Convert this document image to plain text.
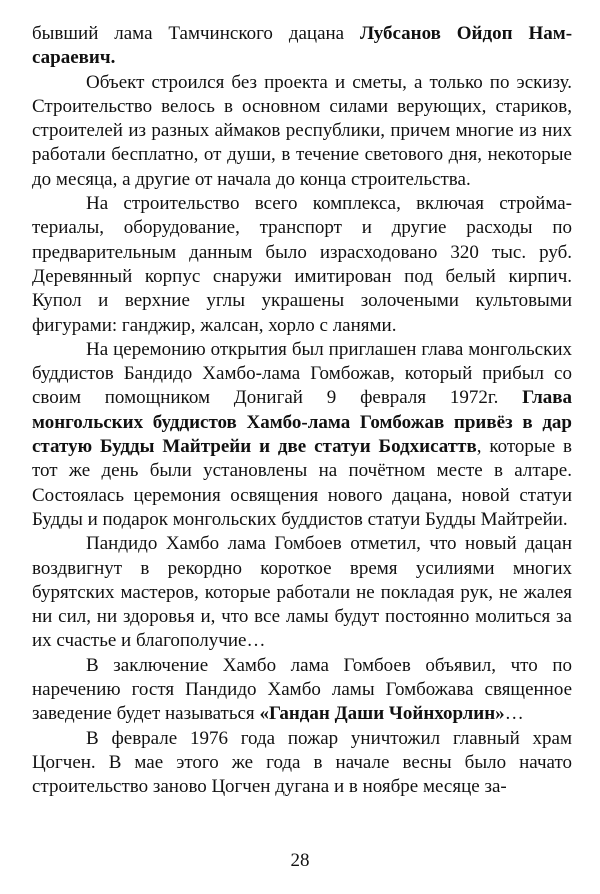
бывший лама Тамчинского дацана Лубсанов Ойдоп Намсараевич.

Объект строился без проекта и сметы, а только по эскизу. Строительство велось в основном силами верующих, стариков, строителей из разных аймаков республики, причем многие из них работали бесплатно, от души, в течение светового дня, некоторые до месяца, а другие от начала до конца строительства.

На строительство всего комплекса, включая стройматериалы, оборудование, транспорт и другие расходы по предварительным данным было израсходовано 320 тыс. руб. Деревянный корпус снаружи имитирован под белый кирпич. Купол и верхние углы украшены золочеными культовыми фигурами: ганджир, жалсан, хорло с ланями.

На церемонию открытия был приглашен глава монгольских буддистов Бандидо Хамбо-лама Гомбожав, который прибыл со своим помощником Донигай 9 февраля 1972г. Глава монгольских буддистов Хамбо-лама Гомбожав привёз в дар статую Будды Майтрейи и две статуи Бодхисаттв, которые в тот же день были установлены на почётном месте в алтаре. Состоялась церемония освящения нового дацана, новой статуи Будды и подарок монгольских буддистов статуи Будды Майтрейи.

Пандидо Хамбо лама Гомбоев отметил, что новый дацан воздвигнут в рекордно короткое время усилиями многих бурятских мастеров, которые работали не покладая рук, не жалея ни сил, ни здоровья и, что все ламы будут постоянно молиться за их счастье и благополучие…

В заключение Хамбо лама Гомбоев объявил, что по наречению гостя Пандидо Хамбо ламы Гомбожава священное заведение будет называться «Гандан Даши Чойнхорлин»…

В феврале 1976 года пожар уничтожил главный храм Цогчен. В мае этого же года в начале весны было начато строительство заново Цогчен дугана и в ноябре месяце за-

28
